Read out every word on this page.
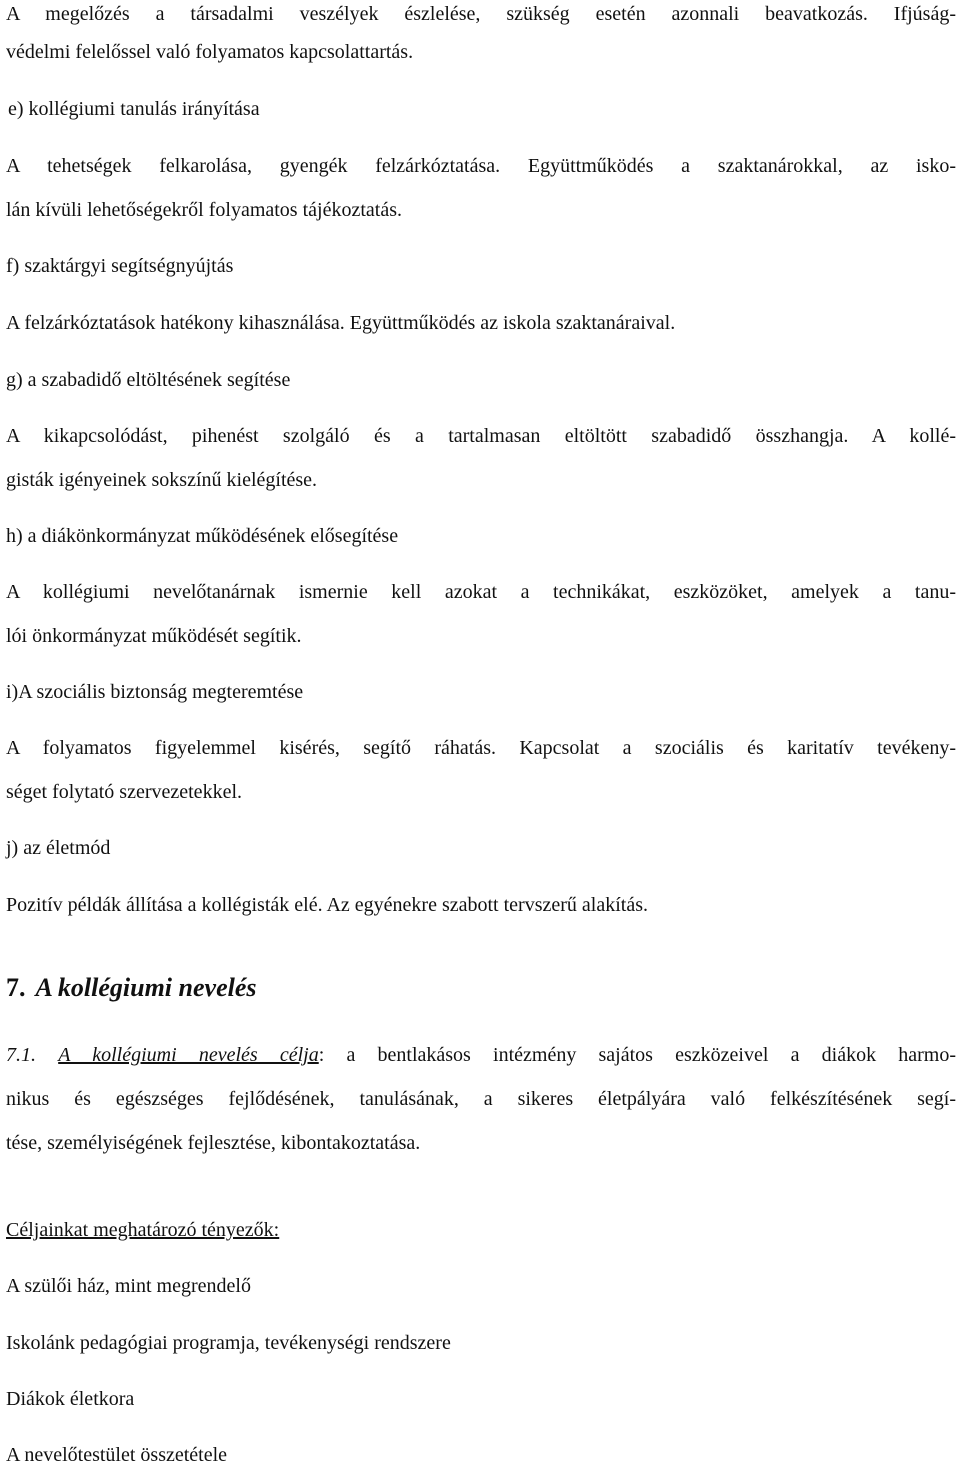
A megelőzés a társadalmi veszélyek észlelése, szükség esetén azonnali beavatkozás. Ifjúság-
védelmi felelőssel való folyamatos kapcsolattartás.
e) kollégiumi tanulás irányítása
A tehetségek felkarolása, gyengék felzárkóztatása. Együttműködés a szaktanárokkal, az isko-
lán kívüli lehetőségekről folyamatos tájékoztatás.
f) szaktárgyi segítségnyújtás
A felzárkóztatások hatékony kihasználása. Együttműködés az iskola szaktanáraival.
g) a szabadidő eltöltésének segítése
A kikapcsolódást, pihenést szolgáló és a tartalmasan eltöltött szabadidő összhangja. A kollé-
gisták igényeinek sokszínű kielégítése.
h) a diákönkormányzat működésének elősegítése
A kollégiumi nevelőtanárnak ismernie kell azokat a technikákat, eszközöket, amelyek a tanu-
lói önkormányzat működését segítik.
i)A szociális biztonság megteremtése
A folyamatos figyelemmel kisérés, segítő ráhatás. Kapcsolat a szociális és karitatív tevékeny-
séget folytató szervezetekkel.
j) az életmód
Pozitív példák állítása a kollégisták elé. Az egyénekre szabott tervszerű alakítás.
7. A kollégiumi nevelés
7.1. A kollégiumi nevelés célja: a bentlakásos intézmény sajátos eszközeivel a diákok harmo-
nikus és egészséges fejlődésének, tanulásának, a sikeres életpályára való felkészítésének segí-
tése, személyiségének fejlesztése, kibontakoztatása.
Céljainkat meghatározó tényezők:
A szülői ház, mint megrendelő
Iskolánk pedagógiai programja, tevékenységi rendszere
Diákok életkora
A nevelőtestület összetétele
